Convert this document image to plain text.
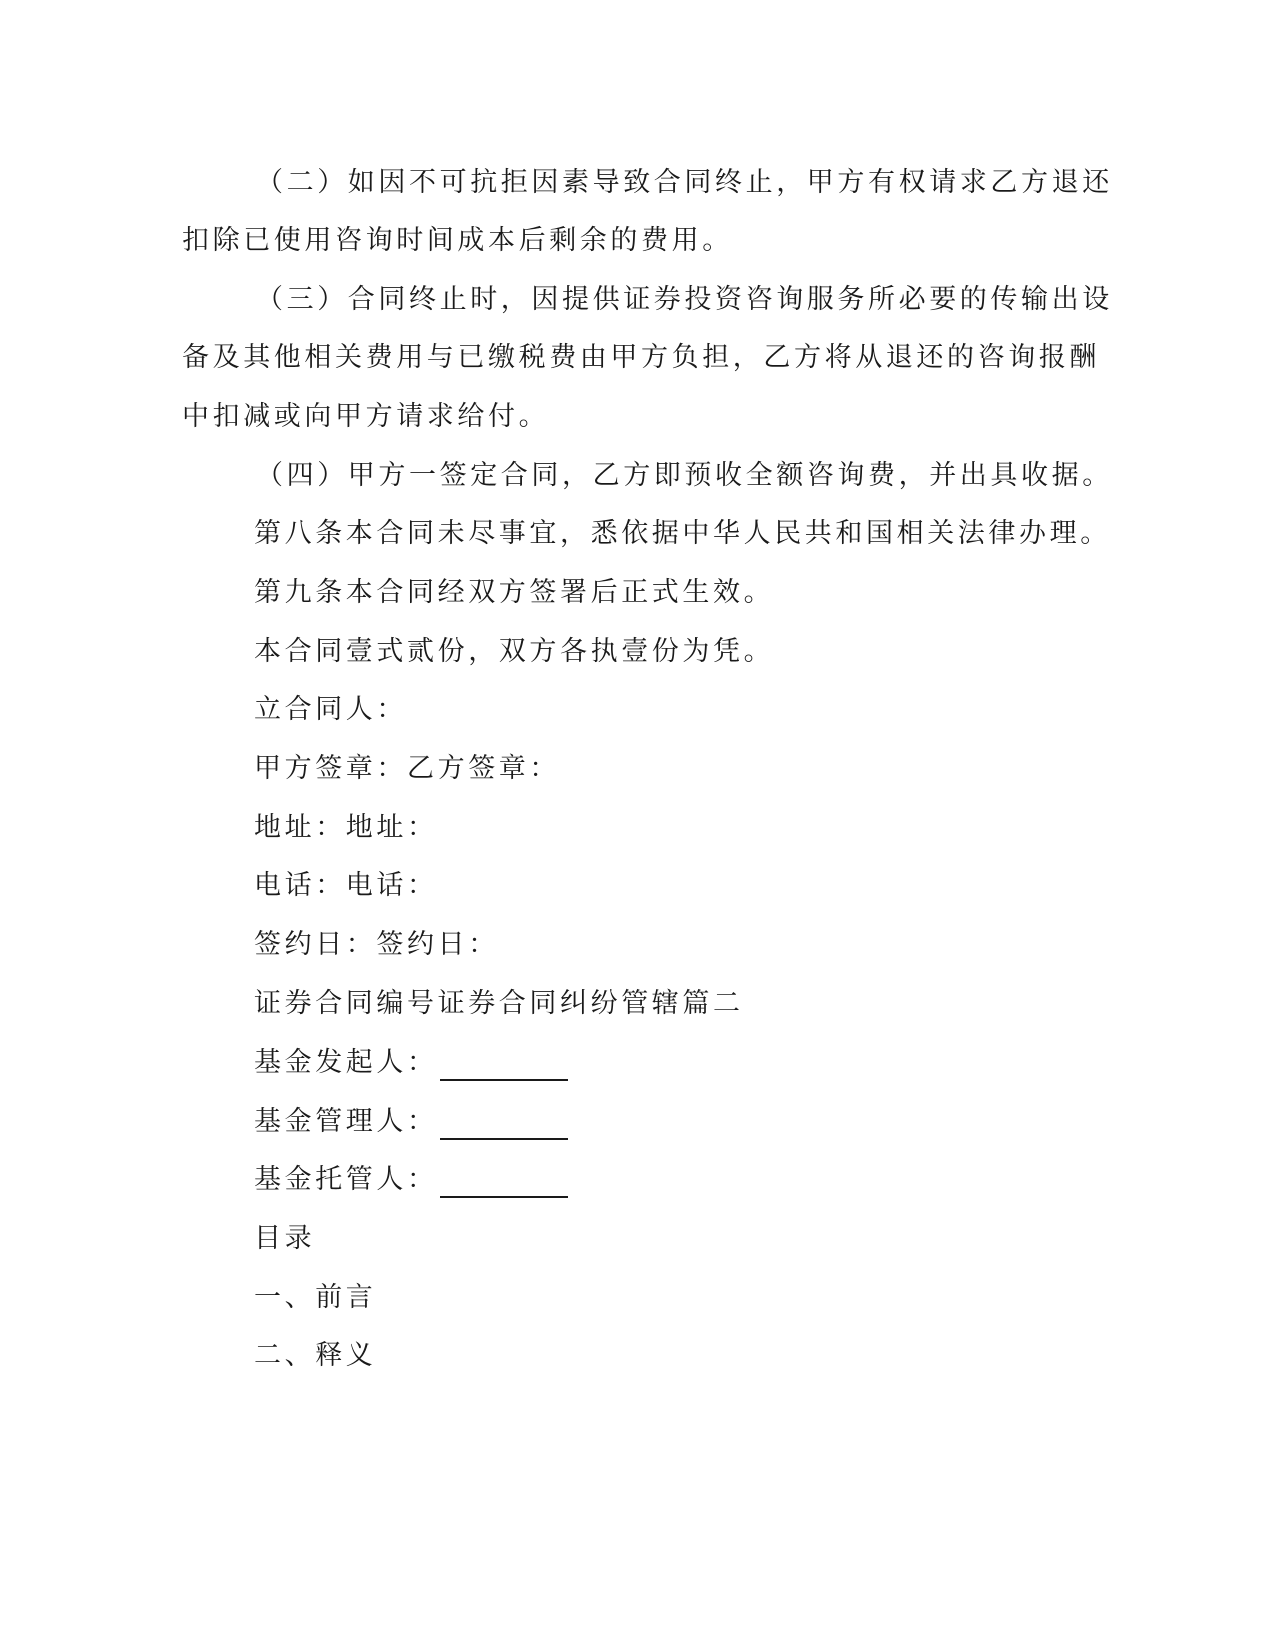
（二）如因不可抗拒因素导致合同终止，甲方有权请求乙方退还
扣除已使用咨询时间成本后剩余的费用。
（三）合同终止时，因提供证券投资咨询服务所必要的传输出设
备及其他相关费用与已缴税费由甲方负担，乙方将从退还的咨询报酬
中扣减或向甲方请求给付。
（四）甲方一签定合同，乙方即预收全额咨询费，并出具收据。
第八条本合同未尽事宜，悉依据中华人民共和国相关法律办理。
第九条本合同经双方签署后正式生效。
本合同壹式贰份，双方各执壹份为凭。
立合同人：
甲方签章：乙方签章：
地址：地址：
电话：电话：
签约日：签约日：
证券合同编号证券合同纠纷管辖篇二
基金发起人：
基金管理人：
基金托管人：
目录
一、前言
二、释义
